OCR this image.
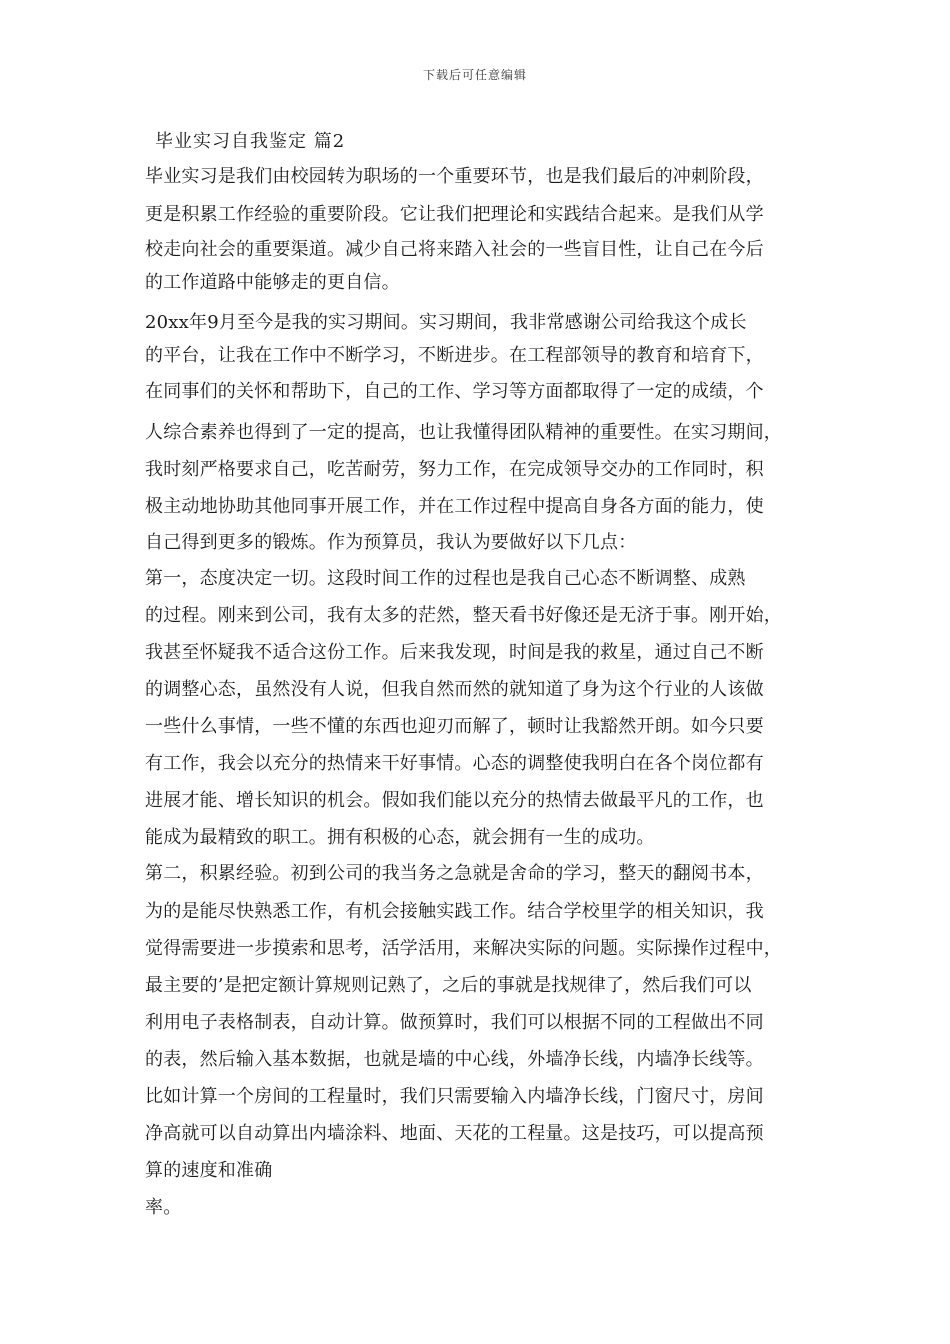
下载后可任意编辑
毕业实习自我鉴定 篇2
毕业实习是我们由校园转为职场的一个重要环节，也是我们最后的冲刺阶段，
更是积累工作经验的重要阶段。它让我们把理论和实践结合起来。是我们从学
校走向社会的重要渠道。减少自己将来踏入社会的一些盲目性，让自己在今后
的工作道路中能够走的更自信。
20xx年9月至今是我的实习期间。实习期间，我非常感谢公司给我这个成长
的平台，让我在工作中不断学习，不断进步。在工程部领导的教育和培育下，
在同事们的关怀和帮助下，自己的工作、学习等方面都取得了一定的成绩，个
人综合素养也得到了一定的提高，也让我懂得团队精神的重要性。在实习期间，
我时刻严格要求自己，吃苦耐劳，努力工作，在完成领导交办的工作同时，积
极主动地协助其他同事开展工作，并在工作过程中提高自身各方面的能力，使
自己得到更多的锻炼。作为预算员，我认为要做好以下几点：
第一，态度决定一切。这段时间工作的过程也是我自己心态不断调整、成熟
的过程。刚来到公司，我有太多的茫然，整天看书好像还是无济于事。刚开始，
我甚至怀疑我不适合这份工作。后来我发现，时间是我的救星，通过自己不断
的调整心态，虽然没有人说，但我自然而然的就知道了身为这个行业的人该做
一些什么事情，一些不懂的东西也迎刃而解了，顿时让我豁然开朗。如今只要
有工作，我会以充分的热情来干好事情。心态的调整使我明白在各个岗位都有
进展才能、增长知识的机会。假如我们能以充分的热情去做最平凡的工作，也
能成为最精致的职工。拥有积极的心态，就会拥有一生的成功。
第二，积累经验。初到公司的我当务之急就是舍命的学习，整天的翻阅书本，
为的是能尽快熟悉工作，有机会接触实践工作。结合学校里学的相关知识，我
觉得需要进一步摸索和思考，活学活用，来解决实际的问题。实际操作过程中，
最主要的’是把定额计算规则记熟了，之后的事就是找规律了，然后我们可以
利用电子表格制表，自动计算。做预算时，我们可以根据不同的工程做出不同
的表，然后输入基本数据，也就是墙的中心线，外墙净长线，内墙净长线等。
比如计算一个房间的工程量时，我们只需要输入内墙净长线，门窗尺寸，房间
净高就可以自动算出内墙涂料、地面、天花的工程量。这是技巧，可以提高预
算的速度和准确
率。
